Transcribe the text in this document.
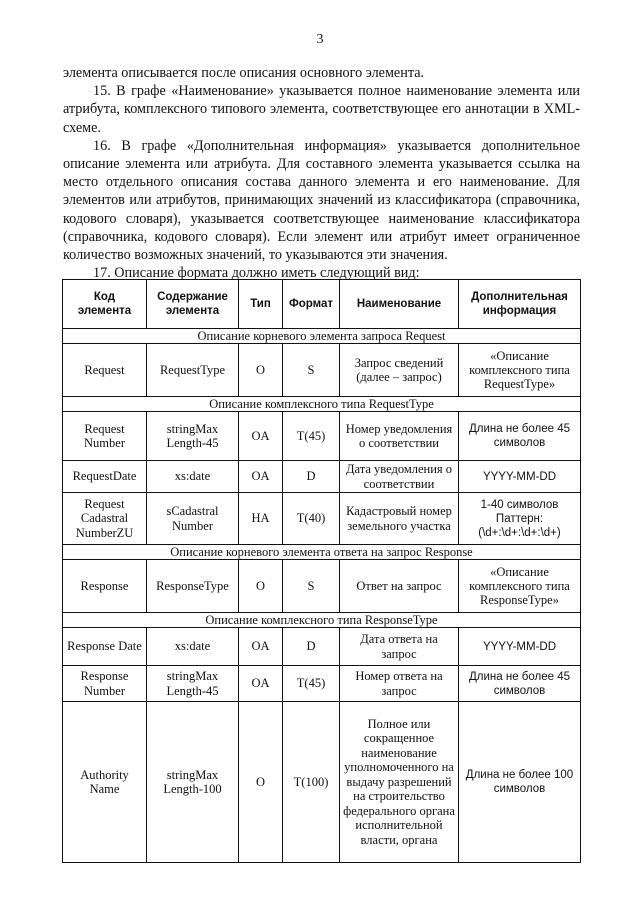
3

элемента описывается после описания основного элемента.

15. В графе «Наименование» указывается полное наименование элемента или атрибута, комплексного типового элемента, соответствующее его аннотации в XML-схеме.

16. В графе «Дополнительная информация» указывается дополнительное описание элемента или атрибута. Для составного элемента указывается ссылка на место отдельного описания состава данного элемента и его наименование. Для элементов или атрибутов, принимающих значений из классификатора (справочника, кодового словаря), указывается соответствующее наименование классификатора (справочника, кодового словаря). Если элемент или атрибут имеет ограниченное количество возможных значений, то указываются эти значения.

17. Описание формата должно иметь следующий вид:

Код элемента	Содержание элемента	Тип	Формат	Наименование	Дополнительная информация
Описание корневого элемента запроса Request					
Request	RequestType	O	S	Запрос сведений (далее – запрос)	«Описание комплексного типа RequestType»
Описание комплексного типа RequestType					
Request Number	stringMax Length-45	OA	T(45)	Номер уведомления о соответствии	Длина не более 45 символов
RequestDate	xs:date	OA	D	Дата уведомления о соответствии	YYYY-MM-DD
Request Cadastral NumberZU	sCadastral Number	HA	T(40)	Кадастровый номер земельного участка	1-40 символов Паттерн: (\d+:\d+:\d+:\d+)
Описание корневого элемента ответа на запрос Response					
Response	ResponseType	O	S	Ответ на запрос	«Описание комплексного типа ResponseType»
Описание комплексного типа ResponseType					
Response Date	xs:date	OA	D	Дата ответа на запрос	YYYY-MM-DD
Response Number	stringMax Length-45	OA	T(45)	Номер ответа на запрос	Длина не более 45 символов
Authority Name	stringMax Length-100	O	T(100)	Полное или сокращенное наименование уполномоченного на выдачу разрешений на строительство федерального органа исполнительной власти, органа	Длина не более 100 символов
